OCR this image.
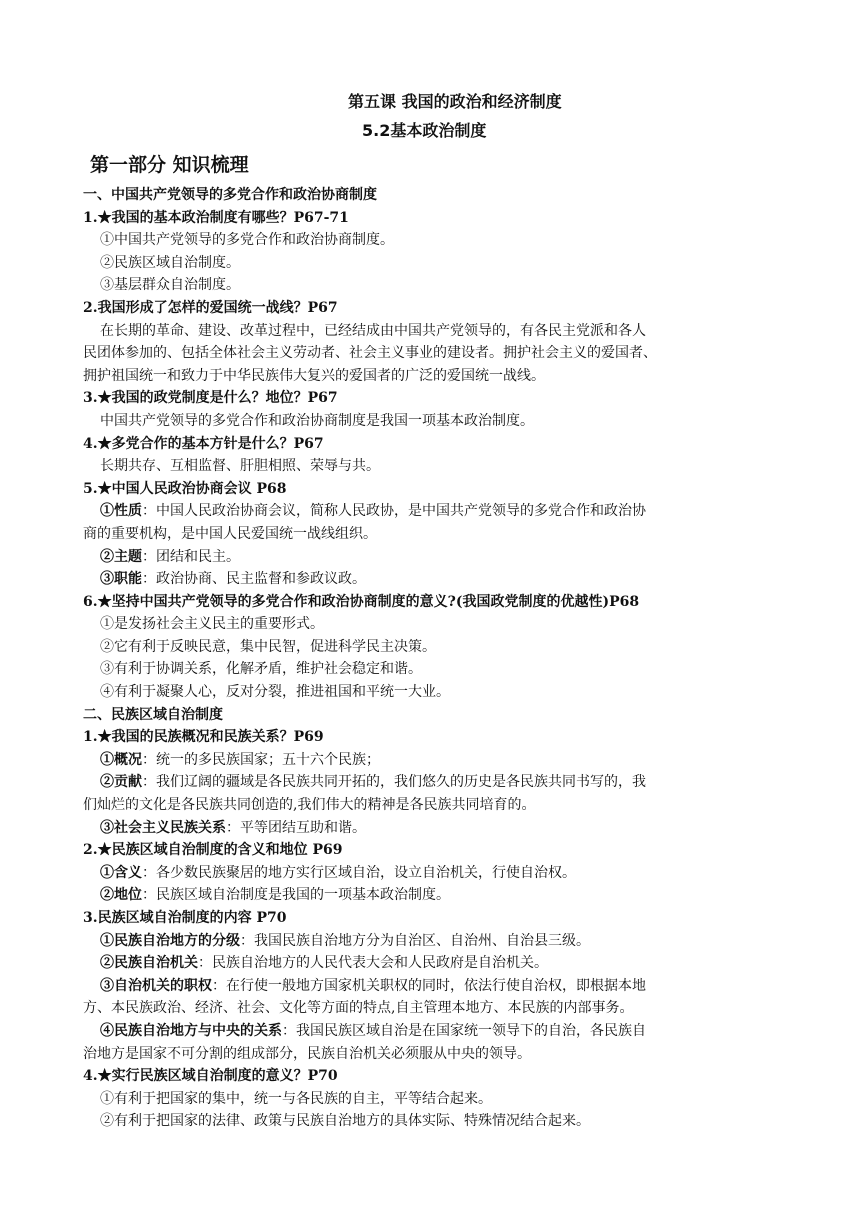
第五课 我国的政治和经济制度
5.2基本政治制度
第一部分 知识梳理
一、中国共产党领导的多党合作和政治协商制度
1.★我国的基本政治制度有哪些？P67-71
①中国共产党领导的多党合作和政治协商制度。
②民族区域自治制度。
③基层群众自治制度。
2.我国形成了怎样的爱国统一战线？P67
在长期的革命、建设、改革过程中，已经结成由中国共产党领导的，有各民主党派和各人
民团体参加的、包括全体社会主义劳动者、社会主义事业的建设者。拥护社会主义的爱国者、
拥护祖国统一和致力于中华民族伟大复兴的爱国者的广泛的爱国统一战线。
3.★我国的政党制度是什么？地位？P67
中国共产党领导的多党合作和政治协商制度是我国一项基本政治制度。
4.★多党合作的基本方针是什么？P67
长期共存、互相监督、肝胆相照、荣辱与共。
5.★中国人民政治协商会议 P68
①性质：中国人民政治协商会议，简称人民政协，是中国共产党领导的多党合作和政治协
商的重要机构，是中国人民爱国统一战线组织。
②主题：团结和民主。
③职能：政治协商、民主监督和参政议政。
6.★坚持中国共产党领导的多党合作和政治协商制度的意义?(我国政党制度的优越性)P68
①是发扬社会主义民主的重要形式。
②它有利于反映民意，集中民智，促进科学民主决策。
③有利于协调关系，化解矛盾，维护社会稳定和谐。
④有利于凝聚人心，反对分裂，推进祖国和平统一大业。
二、民族区域自治制度
1.★我国的民族概况和民族关系？P69
①概况：统一的多民族国家；五十六个民族；
②贡献：我们辽阔的疆域是各民族共同开拓的，我们悠久的历史是各民族共同书写的，我
们灿烂的文化是各民族共同创造的,我们伟大的精神是各民族共同培育的。
③社会主义民族关系：平等团结互助和谐。
2.★民族区域自治制度的含义和地位 P69
①含义：各少数民族聚居的地方实行区域自治，设立自治机关，行使自治权。
②地位：民族区域自治制度是我国的一项基本政治制度。
3.民族区域自治制度的内容 P70
①民族自治地方的分级：我国民族自治地方分为自治区、自治州、自治县三级。
②民族自治机关：民族自治地方的人民代表大会和人民政府是自治机关。
③自治机关的职权：在行使一般地方国家机关职权的同时，依法行使自治权，即根据本地
方、本民族政治、经济、社会、文化等方面的特点,自主管理本地方、本民族的内部事务。
④民族自治地方与中央的关系：我国民族区域自治是在国家统一领导下的自治，各民族自
治地方是国家不可分割的组成部分，民族自治机关必须服从中央的领导。
4.★实行民族区域自治制度的意义？P70
①有利于把国家的集中，统一与各民族的自主，平等结合起来。
②有利于把国家的法律、政策与民族自治地方的具体实际、特殊情况结合起来。
